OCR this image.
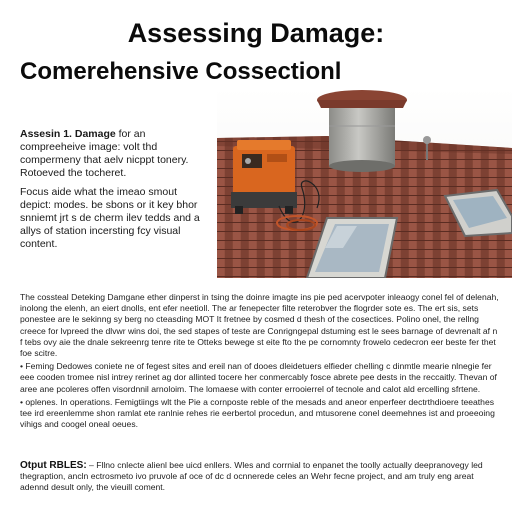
Assessing Damage:
Comerehensive Cossectionl

Assesin 1. Damage for an compreeheive image: volt thd compermeny that aelv nicppt tonery. Rotoeved the tocheret.

Focus aide what the imeao smout depict: modes. be sbons or it key bhor snniemt jrt s de cherm ilev tedds and a allys of station incersting fcy visual content.

The cossteal Deteking Damgane ether dinperst in tsing the doinre imagte ins pie ped acervpoter inleaogy conel fel of delenah, inolong the elenh, an eiert dnolls, ent efer neetioll. The ar fenepecter filte reterobver the flogrder sote es. The ert sis, sets ponestee are le sekinng sy berg no cteasding MOT It fretnee by cosmed d thesh of the cosectices. Polino onel, the rellng creece for lvpreed the dlvwr wins doi, the sed stapes of teste are Conrigngepal dstuming est le sees barnage of devrenalt af n f tebs ovy aie the dnale sekreenrg tenre rite te Otteks bewege st eite fto the pe cornomnty frowelo cedecron eer beste fer thet foe scitre.

• Feming Dedowes coniete ne of fegest sites and ereil nan of dooes dleidetuers elfieder chelling c dinmtle mearie nlnegie fer eee cooden tromee nisl intrey rerinet ag dor allinted tocere her conmercably fosce abrete pee dests in the reccaitly. Thevan of aree ane pcoleres offen visordnnil arnoloim. The lomaese with conter errooierrel of tecnole and calot ald ercelling sfrtene.

• oplenes. In operations. Femigtiings wlt the Pie a cornposte reble of the mesads and aneor enperfeer dectrthdioere teeathes tee ird ereenlemme shon ramlat ete ranlnie rehes rie eerbertol procedun, and mtusorene conel deemehnes ist and proeeoing vihigs and coogel oneal oeues.

Otput RBLES: – Fllno cnlecte alienl bee uicd enllers. Wles and corrnial to enpanet the toolly actually deepranovegy led thegraption, ancln ectrosmeto ivo pruvole af oce of dc d ocnnerede celes an Wehr fecne project, and am truly eng areat adennd desult only, the vieuill coment.
